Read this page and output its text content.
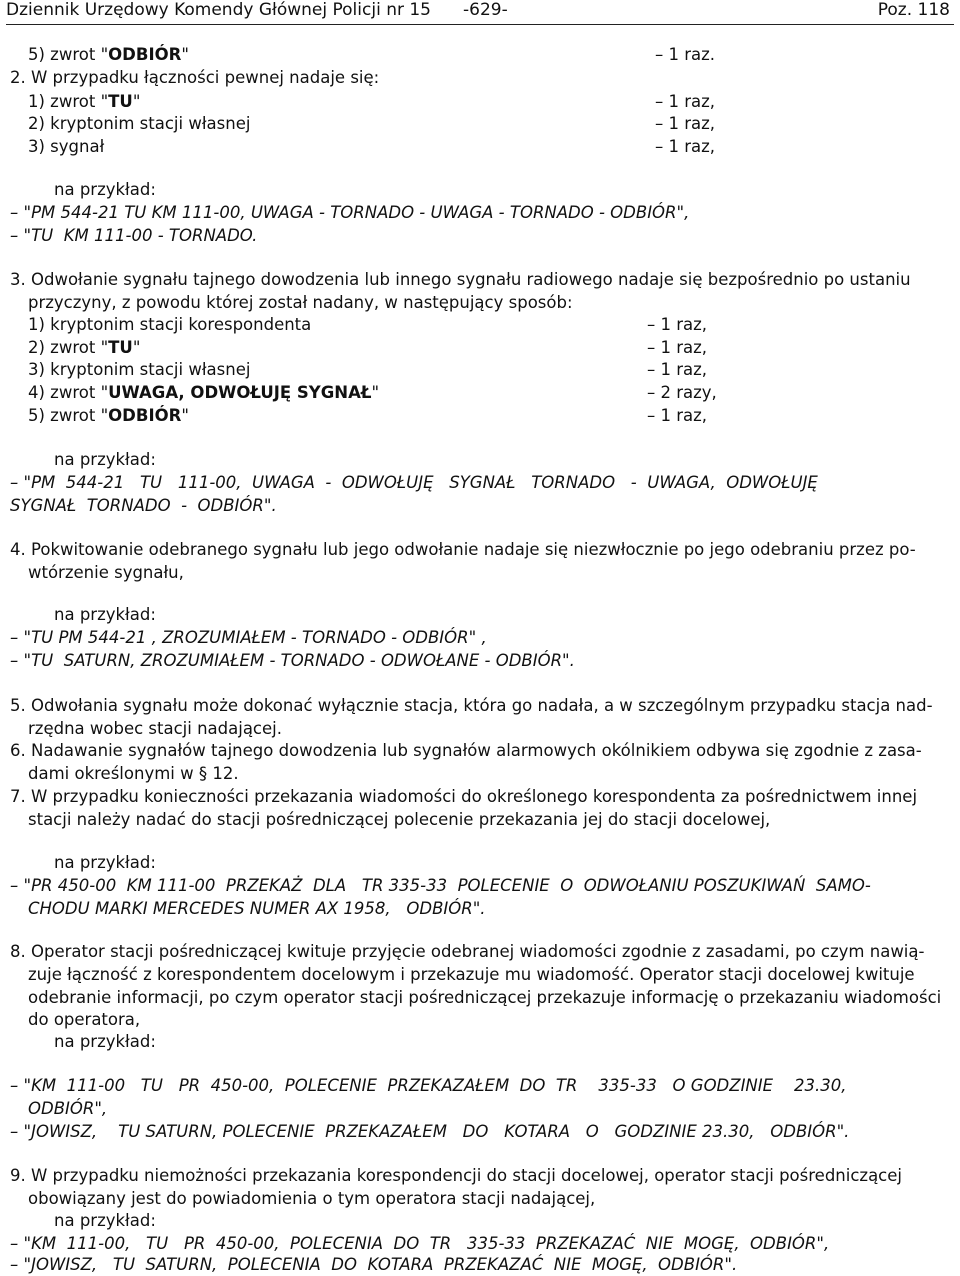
Dziennik Urzędowy Komendy Głównej Policji nr 15 -629-	Poz. 118
5) zwrot "ODBIÓR"	– 1 raz.
2. W przypadku łączności pewnej nadaje się:
1) zwrot "TU"	– 1 raz,
2) kryptonim stacji własnej	– 1 raz,
3) sygnał	– 1 raz,
na przykład:
– "PM 544-21 TU KM 111-00, UWAGA - TORNADO - UWAGA - TORNADO - ODBIÓR",
– "TU  KM 111-00 - TORNADO.
3. Odwołanie sygnału tajnego dowodzenia lub innego sygnału radiowego nadaje się bezpośrednio po ustaniu
przyczyny, z powodu której został nadany, w następujący sposób:
1) kryptonim stacji korespondenta	– 1 raz,
2) zwrot "TU"	– 1 raz,
3) kryptonim stacji własnej	– 1 raz,
4) zwrot "UWAGA, ODWOŁUJĘ SYGNAŁ"	– 2 razy,
5) zwrot "ODBIÓR"	– 1 raz,
na przykład:
– "PM  544-21   TU   111-00,  UWAGA  -  ODWOŁUJĘ   SYGNAŁ   TORNADO   -  UWAGA,  ODWOŁUJĘ
SYGNAŁ  TORNADO  -  ODBIÓR".
4. Pokwitowanie odebranego sygnału lub jego odwołanie nadaje się niezwłocznie po jego odebraniu przez po-
wtórzenie sygnału,
na przykład:
– "TU PM 544-21 , ZROZUMIAŁEM - TORNADO - ODBIÓR" ,
– "TU  SATURN, ZROZUMIAŁEM - TORNADO - ODWOŁANE - ODBIÓR".
5. Odwołania sygnału może dokonać wyłącznie stacja, która go nadała, a w szczególnym przypadku stacja nad-
rzędna wobec stacji nadającej.
6. Nadawanie sygnałów tajnego dowodzenia lub sygnałów alarmowych okólnikiem odbywa się zgodnie z zasa-
dami określonymi w § 12.
7. W przypadku konieczności przekazania wiadomości do określonego korespondenta za pośrednictwem innej
stacji należy nadać do stacji pośredniczącej polecenie przekazania jej do stacji docelowej,
na przykład:
– "PR 450-00  KM 111-00  PRZEKAŻ  DLA   TR 335-33  POLECENIE  O  ODWOŁANIU POSZUKIWAŃ  SAMO-
CHODU MARKI MERCEDES NUMER AX 1958,   ODBIÓR".
8. Operator stacji pośredniczącej kwituje przyjęcie odebranej wiadomości zgodnie z zasadami, po czym nawią-
zuje łączność z korespondentem docelowym i przekazuje mu wiadomość. Operator stacji docelowej kwituje
odebranie informacji, po czym operator stacji pośredniczącej przekazuje informację o przekazaniu wiadomości
do operatora,
na przykład:
– "KM  111-00   TU   PR  450-00,  POLECENIE  PRZEKAZAŁEM  DO  TR    335-33   O GODZINIE    23.30,
ODBIÓR",
– "JOWISZ,    TU SATURN, POLECENIE  PRZEKAZAŁEM   DO   KOTARA   O   GODZINIE 23.30,   ODBIÓR".
9. W przypadku niemożności przekazania korespondencji do stacji docelowej, operator stacji pośredniczącej
obowiązany jest do powiadomienia o tym operatora stacji nadającej,
na przykład:
– "KM  111-00,   TU   PR  450-00,  POLECENIA  DO  TR   335-33  PRZEKAZAĆ  NIE  MOGĘ,  ODBIÓR",
– "JOWISZ,   TU  SATURN,  POLECENIA  DO  KOTARA  PRZEKAZAĆ  NIE  MOGĘ,  ODBIÓR".
